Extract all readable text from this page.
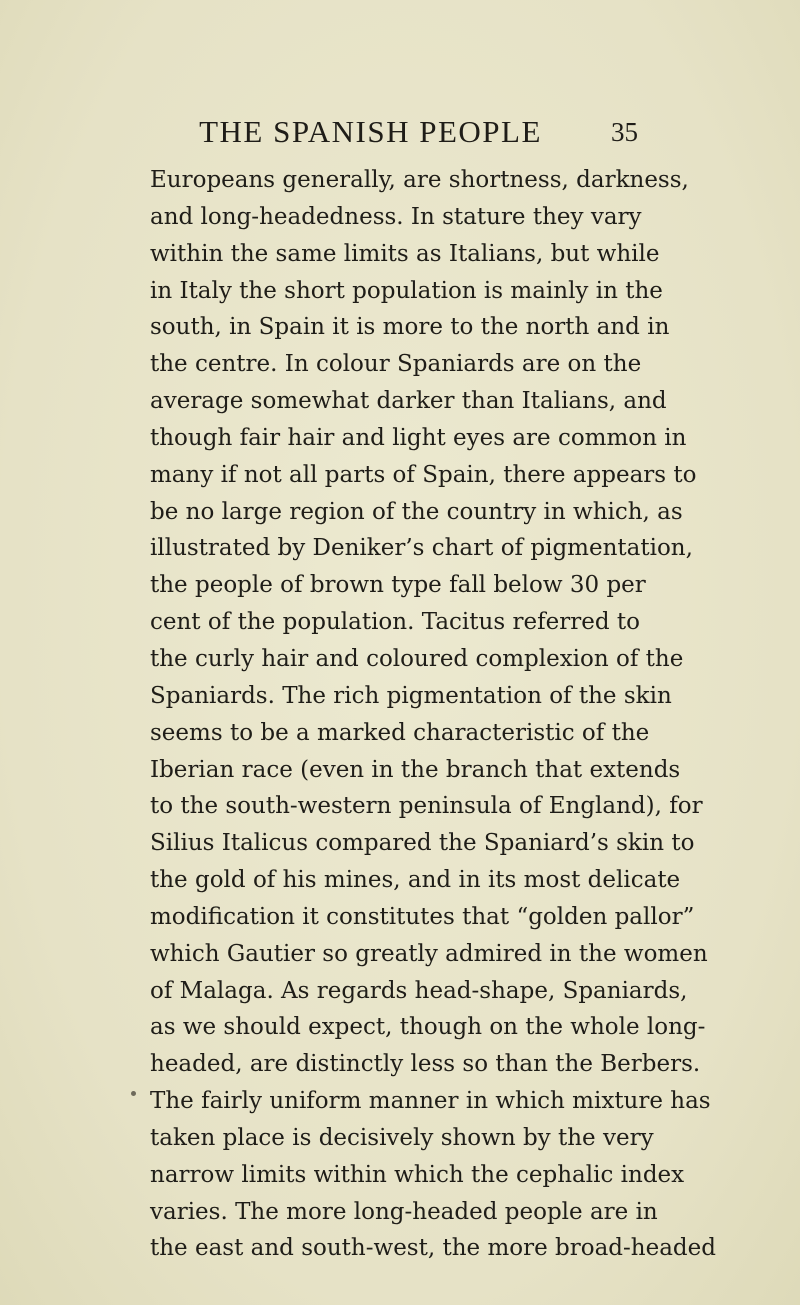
THE SPANISH PEOPLE	35
Europeans generally, are shortness, darkness,
and long-headedness. In stature they vary
within the same limits as Italians, but while
in Italy the short population is mainly in the
south, in Spain it is more to the north and in
the centre. In colour Spaniards are on the
average somewhat darker than Italians, and
though fair hair and light eyes are common in
many if not all parts of Spain, there appears to
be no large region of the country in which, as
illustrated by Deniker’s chart of pigmentation,
the people of brown type fall below 30 per
cent of the population. Tacitus referred to
the curly hair and coloured complexion of the
Spaniards. The rich pigmentation of the skin
seems to be a marked characteristic of the
Iberian race (even in the branch that extends
to the south-western peninsula of England), for
Silius Italicus compared the Spaniard’s skin to
the gold of his mines, and in its most delicate
modification it constitutes that “golden pallor”
which Gautier so greatly admired in the women
of Malaga. As regards head-shape, Spaniards,
as we should expect, though on the whole long-
headed, are distinctly less so than the Berbers.
The fairly uniform manner in which mixture has
taken place is decisively shown by the very
narrow limits within which the cephalic index
varies. The more long-headed people are in
the east and south-west, the more broad-headed
